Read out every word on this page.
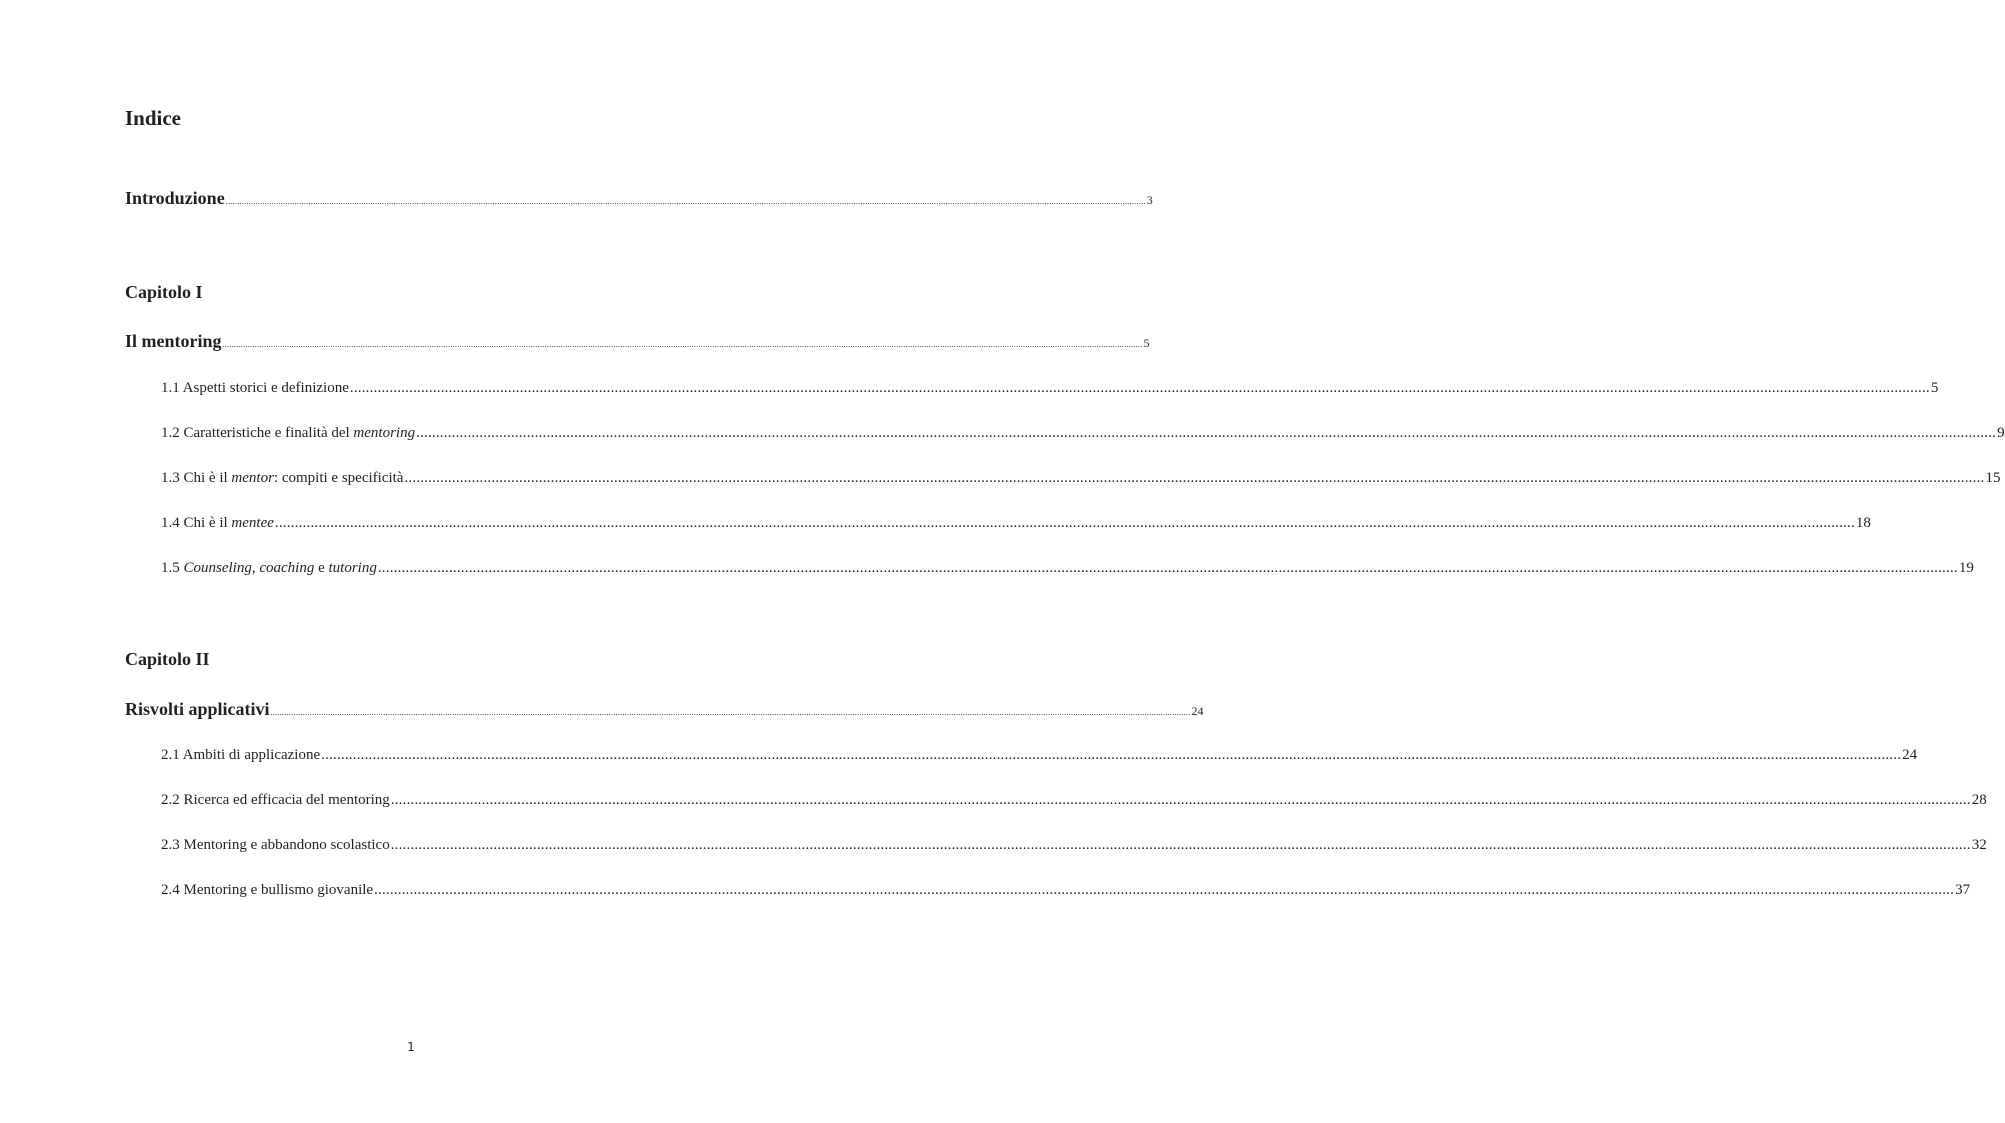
Indice
Introduzione ................................................................................................................................................................................................................................................................................................................................................................................................................ 3
Capitolo I
Il mentoring ................................................................................................................................................................................................................................................................................................................................................................................................................ 5
1.1 Aspetti storici e definizione ................................................................................................................................................................................................................................................................................................................................................................................................................ 5
1.2 Caratteristiche e finalità del mentoring ................................................................................................................................................................................................................................................................................................................................................................................................................ 9
1.3 Chi è il mentor: compiti e specificità ................................................................................................................................................................................................................................................................................................................................................................................................................ 15
1.4 Chi è il mentee ................................................................................................................................................................................................................................................................................................................................................................................................................ 18
1.5 Counseling, coaching e tutoring ................................................................................................................................................................................................................................................................................................................................................................................................................ 19
Capitolo II
Risvolti applicativi ................................................................................................................................................................................................................................................................................................................................................................................................................ 24
2.1 Ambiti di applicazione ................................................................................................................................................................................................................................................................................................................................................................................................................ 24
2.2 Ricerca ed efficacia del mentoring ................................................................................................................................................................................................................................................................................................................................................................................................................ 28
2.3 Mentoring e abbandono scolastico ................................................................................................................................................................................................................................................................................................................................................................................................................ 32
2.4 Mentoring e bullismo giovanile ................................................................................................................................................................................................................................................................................................................................................................................................................ 37
1
